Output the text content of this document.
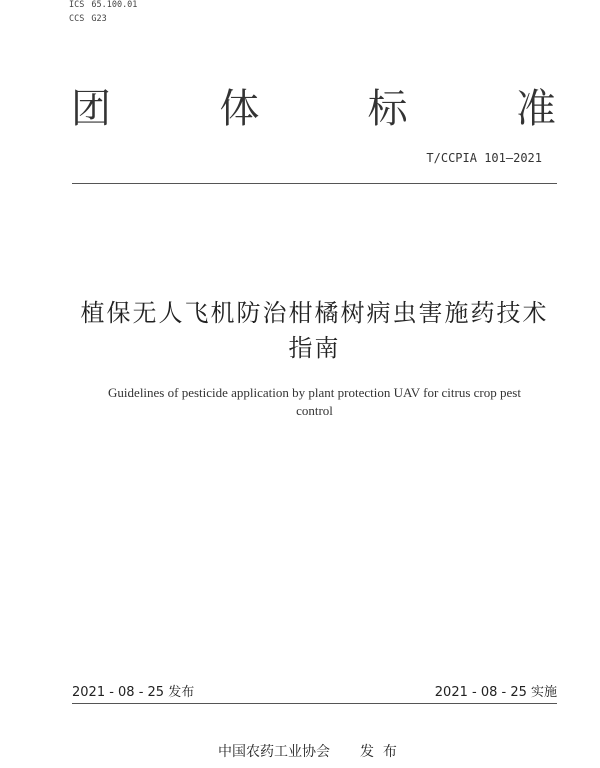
ICS 65.100.01
CCS G23
团	体	标	准
T/CCPIA 101—2021
植保无人飞机防治柑橘树病虫害施药技术
指南
Guidelines of pesticide application by plant protection UAV for citrus crop pest
control
2021 - 08 - 25 发布	2021 - 08 - 25 实施
中国农药工业协会 发  布
